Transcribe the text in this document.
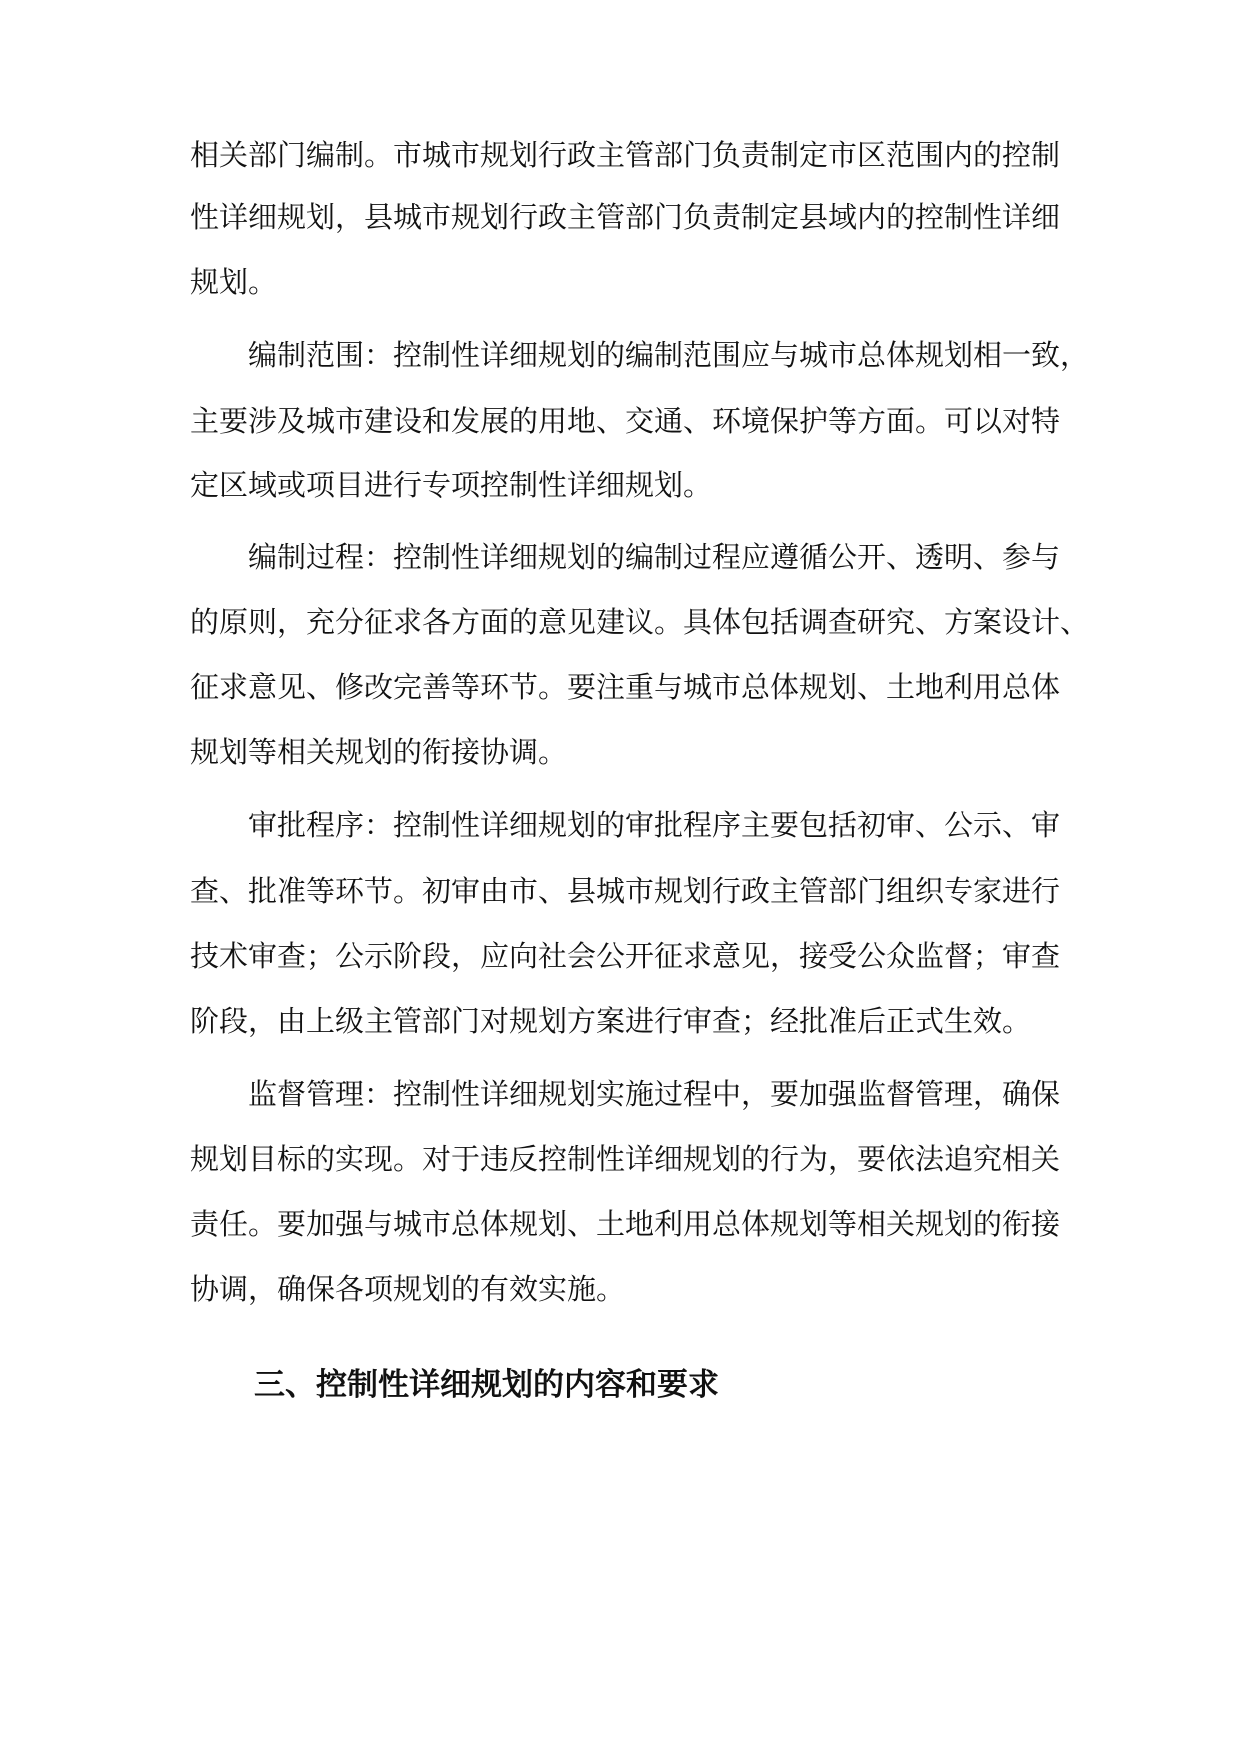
相关部门编制。市城市规划行政主管部门负责制定市区范围内的控制
性详细规划，县城市规划行政主管部门负责制定县域内的控制性详细
规划。
编制范围：控制性详细规划的编制范围应与城市总体规划相一致，
主要涉及城市建设和发展的用地、交通、环境保护等方面。可以对特
定区域或项目进行专项控制性详细规划。
编制过程：控制性详细规划的编制过程应遵循公开、透明、参与
的原则，充分征求各方面的意见建议。具体包括调查研究、方案设计、
征求意见、修改完善等环节。要注重与城市总体规划、土地利用总体
规划等相关规划的衔接协调。
审批程序：控制性详细规划的审批程序主要包括初审、公示、审
查、批准等环节。初审由市、县城市规划行政主管部门组织专家进行
技术审查；公示阶段，应向社会公开征求意见，接受公众监督；审查
阶段，由上级主管部门对规划方案进行审查；经批准后正式生效。
监督管理：控制性详细规划实施过程中，要加强监督管理，确保
规划目标的实现。对于违反控制性详细规划的行为，要依法追究相关
责任。要加强与城市总体规划、土地利用总体规划等相关规划的衔接
协调，确保各项规划的有效实施。
三、控制性详细规划的内容和要求
